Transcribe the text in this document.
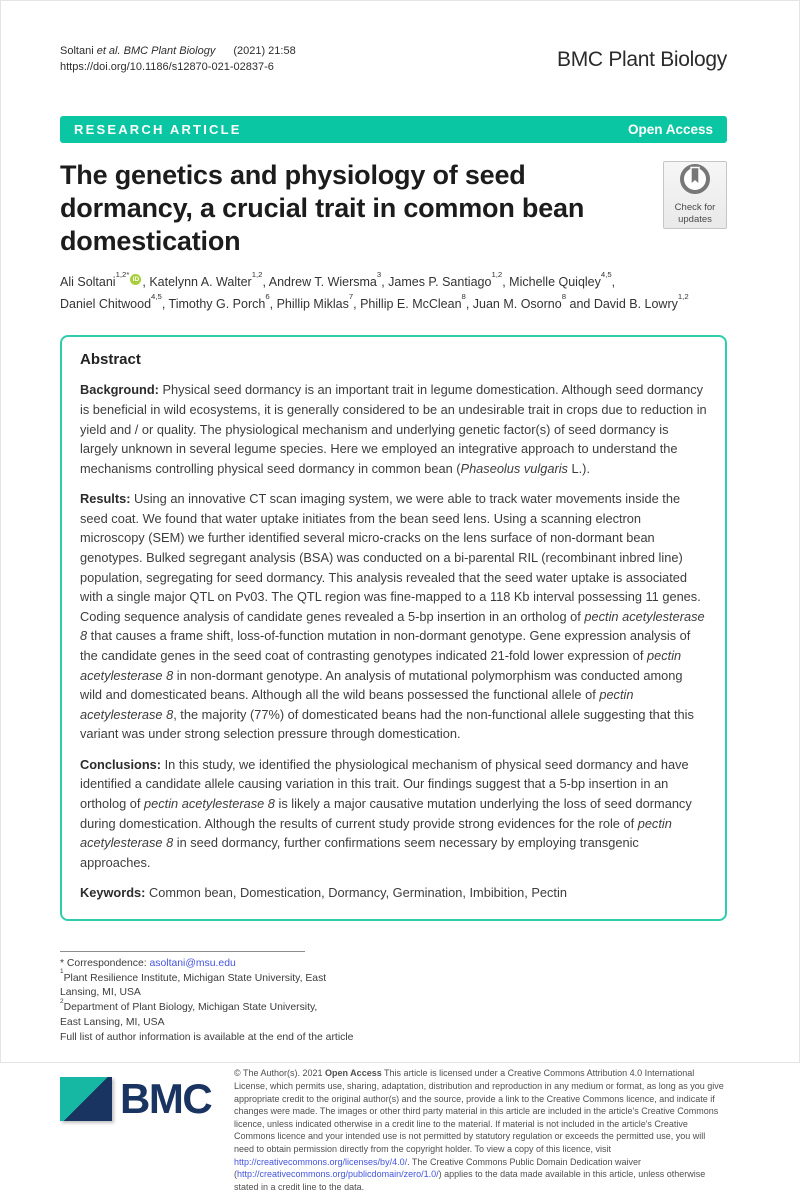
Soltani et al. BMC Plant Biology (2021) 21:58
https://doi.org/10.1186/s12870-021-02837-6	BMC Plant Biology
RESEARCH ARTICLE	Open Access
The genetics and physiology of seed dormancy, a crucial trait in common bean domestication
Check for
updates
Ali Soltani$^{1,2*}$iD , Katelynn A. Walter$^{1,2}$, Andrew T. Wiersma$^3$, James P. Santiago$^{1,2}$, Michelle Quiqley$^{4,5}$,
Daniel Chitwood$^{4,5}$, Timothy G. Porch$^6$, Phillip Miklas$^7$, Phillip E. McClean$^8$, Juan M. Osorno$^8$ and David B. Lowry$^{1,2}$
Abstract

Background: Physical seed dormancy is an important trait in legume domestication. Although seed dormancy is beneficial in wild ecosystems, it is generally considered to be an undesirable trait in crops due to reduction in yield and / or quality. The physiological mechanism and underlying genetic factor(s) of seed dormancy is largely unknown in several legume species. Here we employed an integrative approach to understand the mechanisms controlling physical seed dormancy in common bean (Phaseolus vulgaris L.).

Results: Using an innovative CT scan imaging system, we were able to track water movements inside the seed coat. We found that water uptake initiates from the bean seed lens. Using a scanning electron microscopy (SEM) we further identified several micro-cracks on the lens surface of non-dormant bean genotypes. Bulked segregant analysis (BSA) was conducted on a bi-parental RIL (recombinant inbred line) population, segregating for seed dormancy. This analysis revealed that the seed water uptake is associated with a single major QTL on Pv03. The QTL region was fine-mapped to a 118 Kb interval possessing 11 genes. Coding sequence analysis of candidate genes revealed a 5-bp insertion in an ortholog of pectin acetylesterase 8 that causes a frame shift, loss-of-function mutation in non-dormant genotype. Gene expression analysis of the candidate genes in the seed coat of contrasting genotypes indicated 21-fold lower expression of pectin acetylesterase 8 in non-dormant genotype. An analysis of mutational polymorphism was conducted among wild and domesticated beans. Although all the wild beans possessed the functional allele of pectin acetylesterase 8, the majority (77%) of domesticated beans had the non-functional allele suggesting that this variant was under strong selection pressure through domestication.

Conclusions: In this study, we identified the physiological mechanism of physical seed dormancy and have identified a candidate allele causing variation in this trait. Our findings suggest that a 5-bp insertion in an ortholog of pectin acetylesterase 8 is likely a major causative mutation underlying the loss of seed dormancy during domestication. Although the results of current study provide strong evidences for the role of pectin acetylesterase 8 in seed dormancy, further confirmations seem necessary by employing transgenic approaches.

Keywords: Common bean, Domestication, Dormancy, Germination, Imbibition, Pectin

* Correspondence: asoltani@msu.edu
$^1$Plant Resilience Institute, Michigan State University, East Lansing, MI, USA
$^2$Department of Plant Biology, Michigan State University, East Lansing, MI, USA
Full list of author information is available at the end of the article
BMC
© The Author(s). 2021 Open Access This article is licensed under a Creative Commons Attribution 4.0 International License, which permits use, sharing, adaptation, distribution and reproduction in any medium or format, as long as you give appropriate credit to the original author(s) and the source, provide a link to the Creative Commons licence, and indicate if changes were made. The images or other third party material in this article are included in the article's Creative Commons licence, unless indicated otherwise in a credit line to the material. If material is not included in the article's Creative Commons licence and your intended use is not permitted by statutory regulation or exceeds the permitted use, you will need to obtain permission directly from the copyright holder. To view a copy of this licence, visit http://creativecommons.org/licenses/by/4.0/. The Creative Commons Public Domain Dedication waiver (http://creativecommons.org/publicdomain/zero/1.0/) applies to the data made available in this article, unless otherwise stated in a credit line to the data.
